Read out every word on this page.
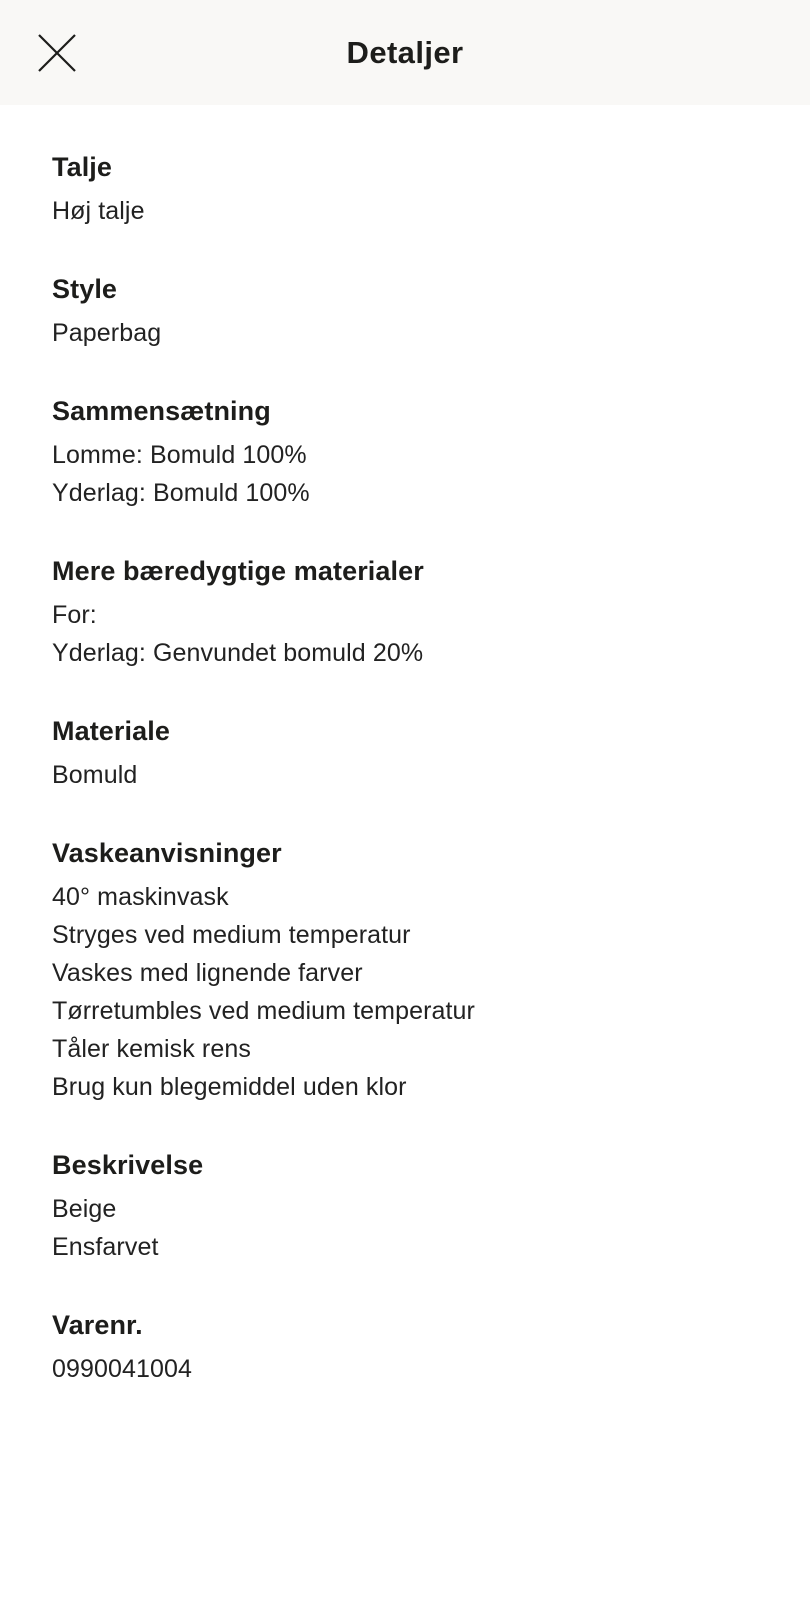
Detaljer
Talje

Høj talje

Style

Paperbag

Sammensætning

Lomme: Bomuld 100%

Yderlag: Bomuld 100%

Mere bæredygtige materialer

For:

Yderlag: Genvundet bomuld 20%

Materiale

Bomuld

Vaskeanvisninger

40° maskinvask

Stryges ved medium temperatur

Vaskes med lignende farver

Tørretumbles ved medium temperatur

Tåler kemisk rens

Brug kun blegemiddel uden klor

Beskrivelse

Beige

Ensfarvet

Varenr.

0990041004
